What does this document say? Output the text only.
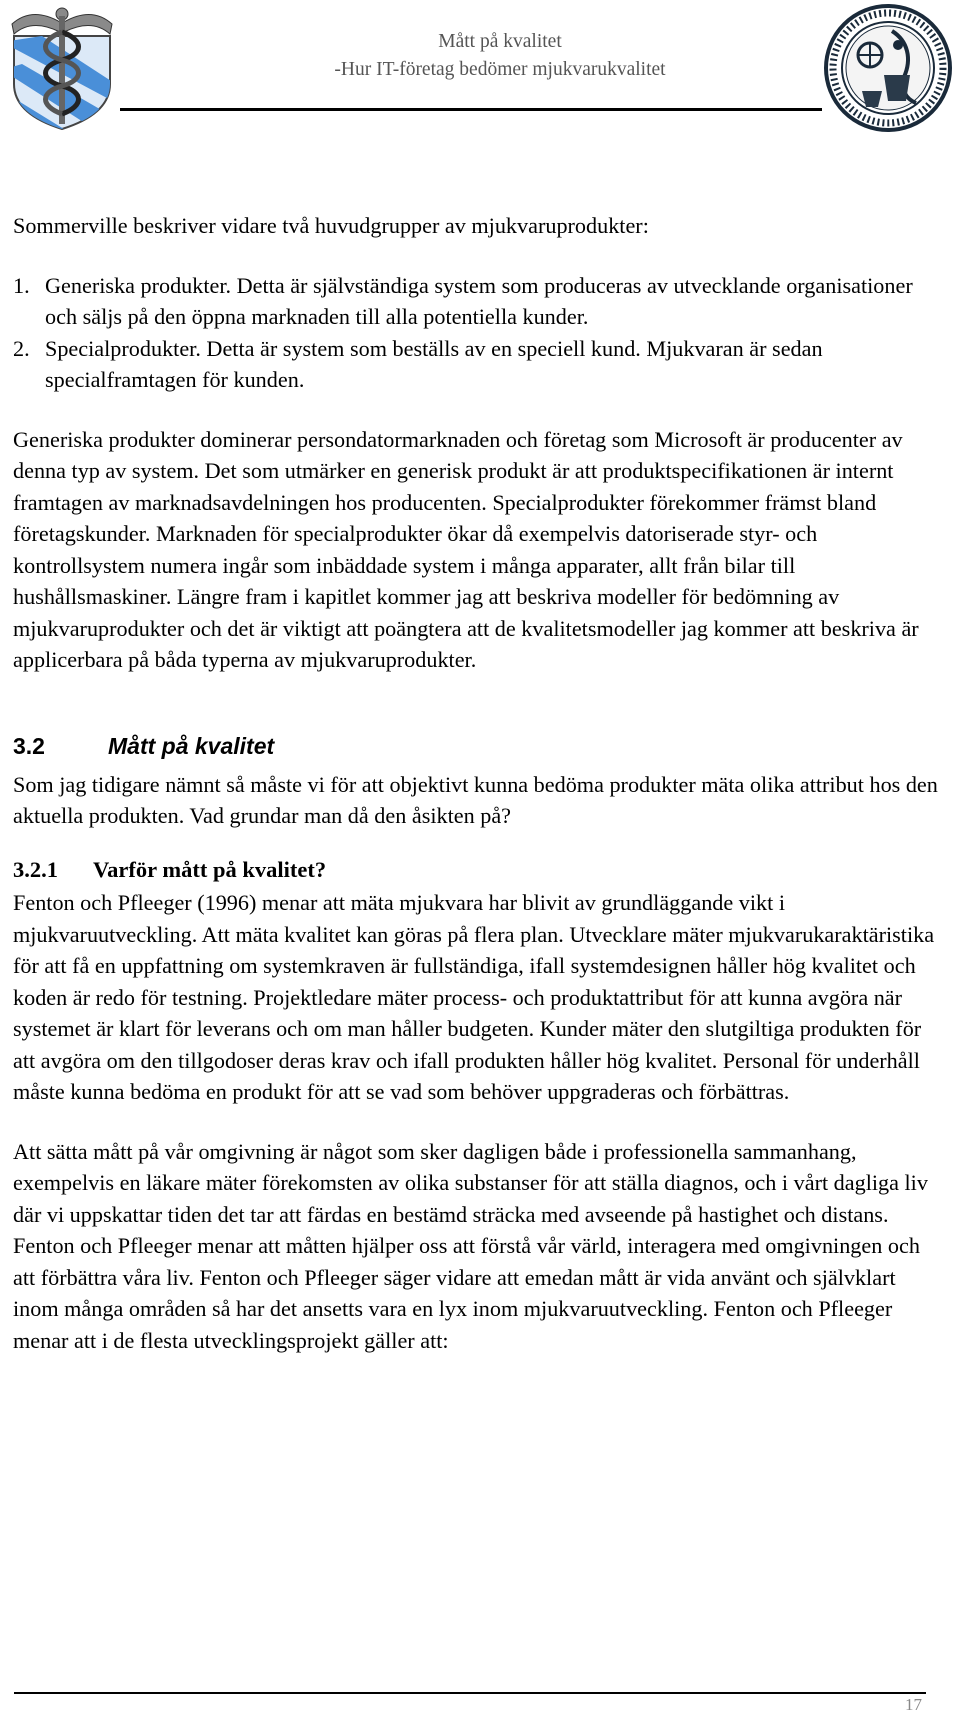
Mått på kvalitet
-Hur IT-företag bedömer mjukvarukvalitet

Sommerville beskriver vidare två huvudgrupper av mjukvaruprodukter:

1. Generiska produkter. Detta är självständiga system som produceras av utvecklande organisationer och säljs på den öppna marknaden till alla potentiella kunder.
2. Specialprodukter. Detta är system som beställs av en speciell kund. Mjukvaran är sedan specialframtagen för kunden.

Generiska produkter dominerar persondatormarknaden och företag som Microsoft är producenter av denna typ av system. Det som utmärker en generisk produkt är att produktspecifikationen är internt framtagen av marknadsavdelningen hos producenten. Specialprodukter förekommer främst bland företagskunder. Marknaden för specialprodukter ökar då exempelvis datoriserade styr- och kontrollsystem numera ingår som inbäddade system i många apparater, allt från bilar till hushållsmaskiner. Längre fram i kapitlet kommer jag att beskriva modeller för bedömning av mjukvaruprodukter och det är viktigt att poängtera att de kvalitetsmodeller jag kommer att beskriva är applicerbara på båda typerna av mjukvaruprodukter.

3.2	Mått på kvalitet

Som jag tidigare nämnt så måste vi för att objektivt kunna bedöma produkter mäta olika attribut hos den aktuella produkten. Vad grundar man då den åsikten på?

3.2.1 Varför mått på kvalitet?

Fenton och Pfleeger (1996) menar att mäta mjukvara har blivit av grundläggande vikt i mjukvaruutveckling. Att mäta kvalitet kan göras på flera plan. Utvecklare mäter mjukvarukaraktäristika för att få en uppfattning om systemkraven är fullständiga, ifall systemdesignen håller hög kvalitet och koden är redo för testning. Projektledare mäter process- och produktattribut för att kunna avgöra när systemet är klart för leverans och om man håller budgeten. Kunder mäter den slutgiltiga produkten för att avgöra om den tillgodoser deras krav och ifall produkten håller hög kvalitet. Personal för underhåll måste kunna bedöma en produkt för att se vad som behöver uppgraderas och förbättras.

Att sätta mått på vår omgivning är något som sker dagligen både i professionella sammanhang, exempelvis en läkare mäter förekomsten av olika substanser för att ställa diagnos, och i vårt dagliga liv där vi uppskattar tiden det tar att färdas en bestämd sträcka med avseende på hastighet och distans. Fenton och Pfleeger menar att måtten hjälper oss att förstå vår värld, interagera med omgivningen och att förbättra våra liv. Fenton och Pfleeger säger vidare att emedan mått är vida använt och självklart inom många områden så har det ansetts vara en lyx inom mjukvaruutveckling. Fenton och Pfleeger menar att i de flesta utvecklingsprojekt gäller att:

17
